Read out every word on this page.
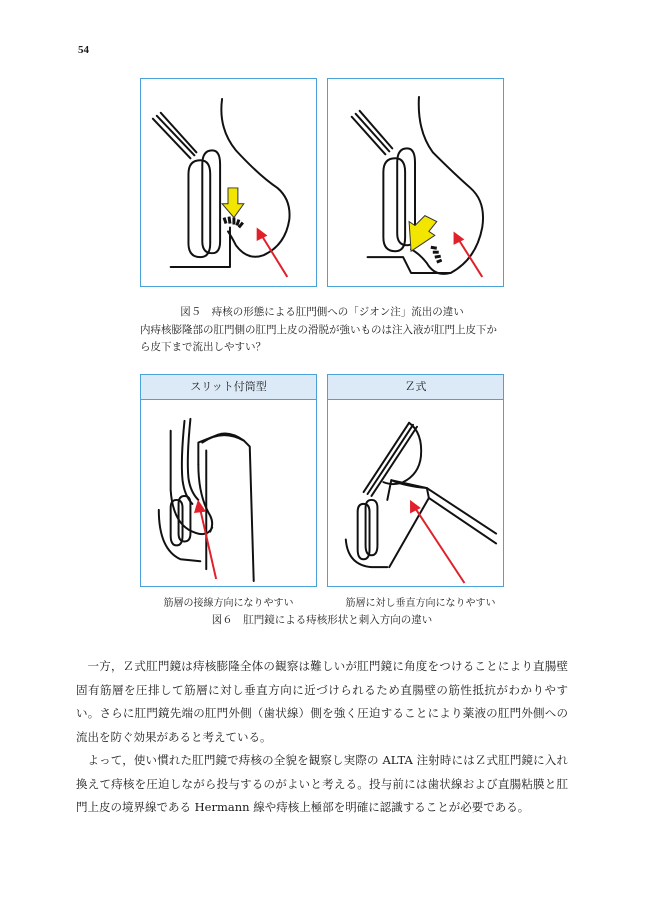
54
図５　痔核の形態による肛門側への「ジオン注」流出の違い
内痔核膨隆部の肛門側の肛門上皮の滑脱が強いものは注入液が肛門上皮下か
ら皮下まで流出しやすい？
スリット付筒型	Ｚ式
筋層の接線方向になりやすい	筋層に対し垂直方向になりやすい
図６　肛門鏡による痔核形状と刺入方向の違い

一方，Ｚ式肛門鏡は痔核膨隆全体の観察は難しいが肛門鏡に角度をつけることにより直腸壁固有筋層を圧排して筋層に対し垂直方向に近づけられるため直腸壁の筋性抵抗がわかりやすい。さらに肛門鏡先端の肛門外側（歯状線）側を強く圧迫することにより薬液の肛門外側への流出を防ぐ効果があると考えている。

よって，使い慣れた肛門鏡で痔核の全貌を観察し実際の ALTA 注射時にはＺ式肛門鏡に入れ換えて痔核を圧迫しながら投与するのがよいと考える。投与前には歯状線および直腸粘膜と肛門上皮の境界線である Hermann 線や痔核上極部を明確に認識することが必要である。
